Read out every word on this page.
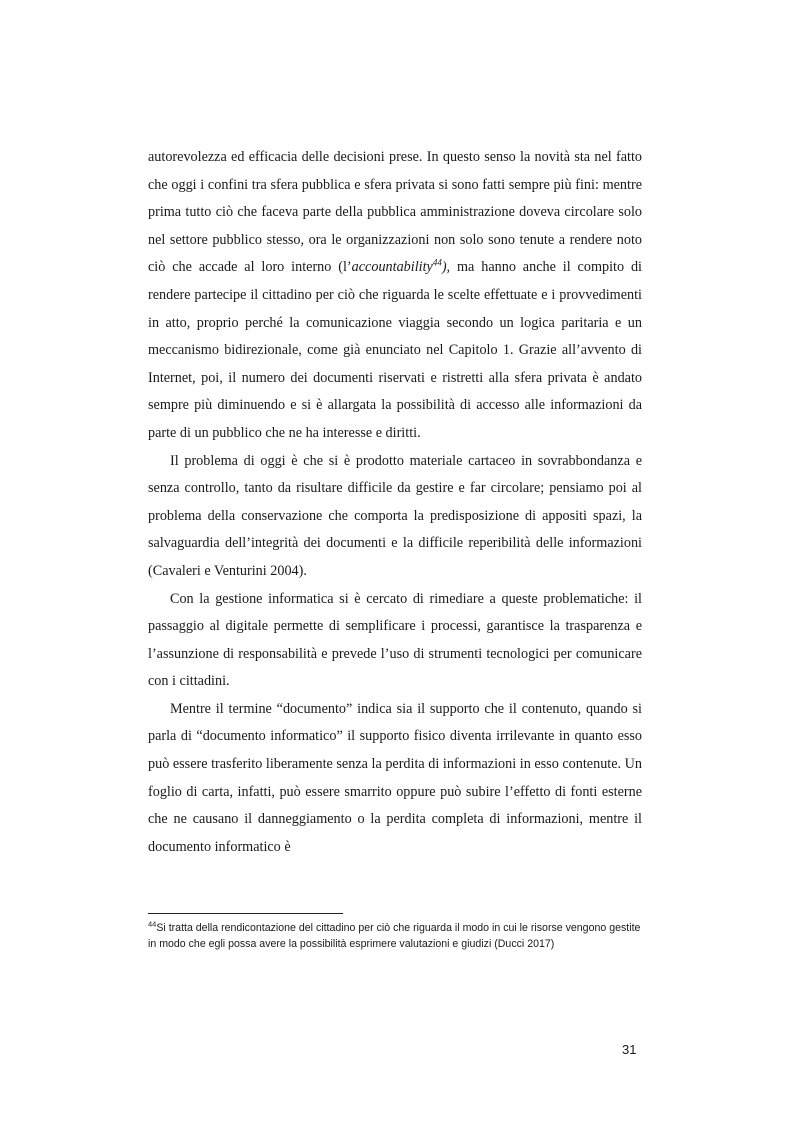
autorevolezza ed efficacia delle decisioni prese. In questo senso la novità sta nel fatto che oggi i confini tra sfera pubblica e sfera privata si sono fatti sempre più fini: mentre prima tutto ciò che faceva parte della pubblica amministrazione doveva circolare solo nel settore pubblico stesso, ora le organizzazioni non solo sono tenute a rendere noto ciò che accade al loro interno (l’accountability$^{44}$), ma hanno anche il compito di rendere partecipe il cittadino per ciò che riguarda le scelte effettuate e i provvedimenti in atto, proprio perché la comunicazione viaggia secondo un logica paritaria e un meccanismo bidirezionale, come già enunciato nel Capitolo 1. Grazie all’avvento di Internet, poi, il numero dei documenti riservati e ristretti alla sfera privata è andato sempre più diminuendo e si è allargata la possibilità di accesso alle informazioni da parte di un pubblico che ne ha interesse e diritti.

Il problema di oggi è che si è prodotto materiale cartaceo in sovrabbondanza e senza controllo, tanto da risultare difficile da gestire e far circolare; pensiamo poi al problema della conservazione che comporta la predisposizione di appositi spazi, la salvaguardia dell’integrità dei documenti e la difficile reperibilità delle informazioni (Cavaleri e Venturini 2004).

Con la gestione informatica si è cercato di rimediare a queste problematiche: il passaggio al digitale permette di semplificare i processi, garantisce la trasparenza e l’assunzione di responsabilità e prevede l’uso di strumenti tecnologici per comunicare con i cittadini.

Mentre il termine “documento” indica sia il supporto che il contenuto, quando si parla di “documento informatico” il supporto fisico diventa irrilevante in quanto esso può essere trasferito liberamente senza la perdita di informazioni in esso contenute. Un foglio di carta, infatti, può essere smarrito oppure può subire l’effetto di fonti esterne che ne causano il danneggiamento o la perdita completa di informazioni, mentre il documento informatico è

$^{44}$Si tratta della rendicontazione del cittadino per ciò che riguarda il modo in cui le risorse vengono gestite in modo che egli possa avere la possibilità esprimere valutazioni e giudizi (Ducci 2017)
31
